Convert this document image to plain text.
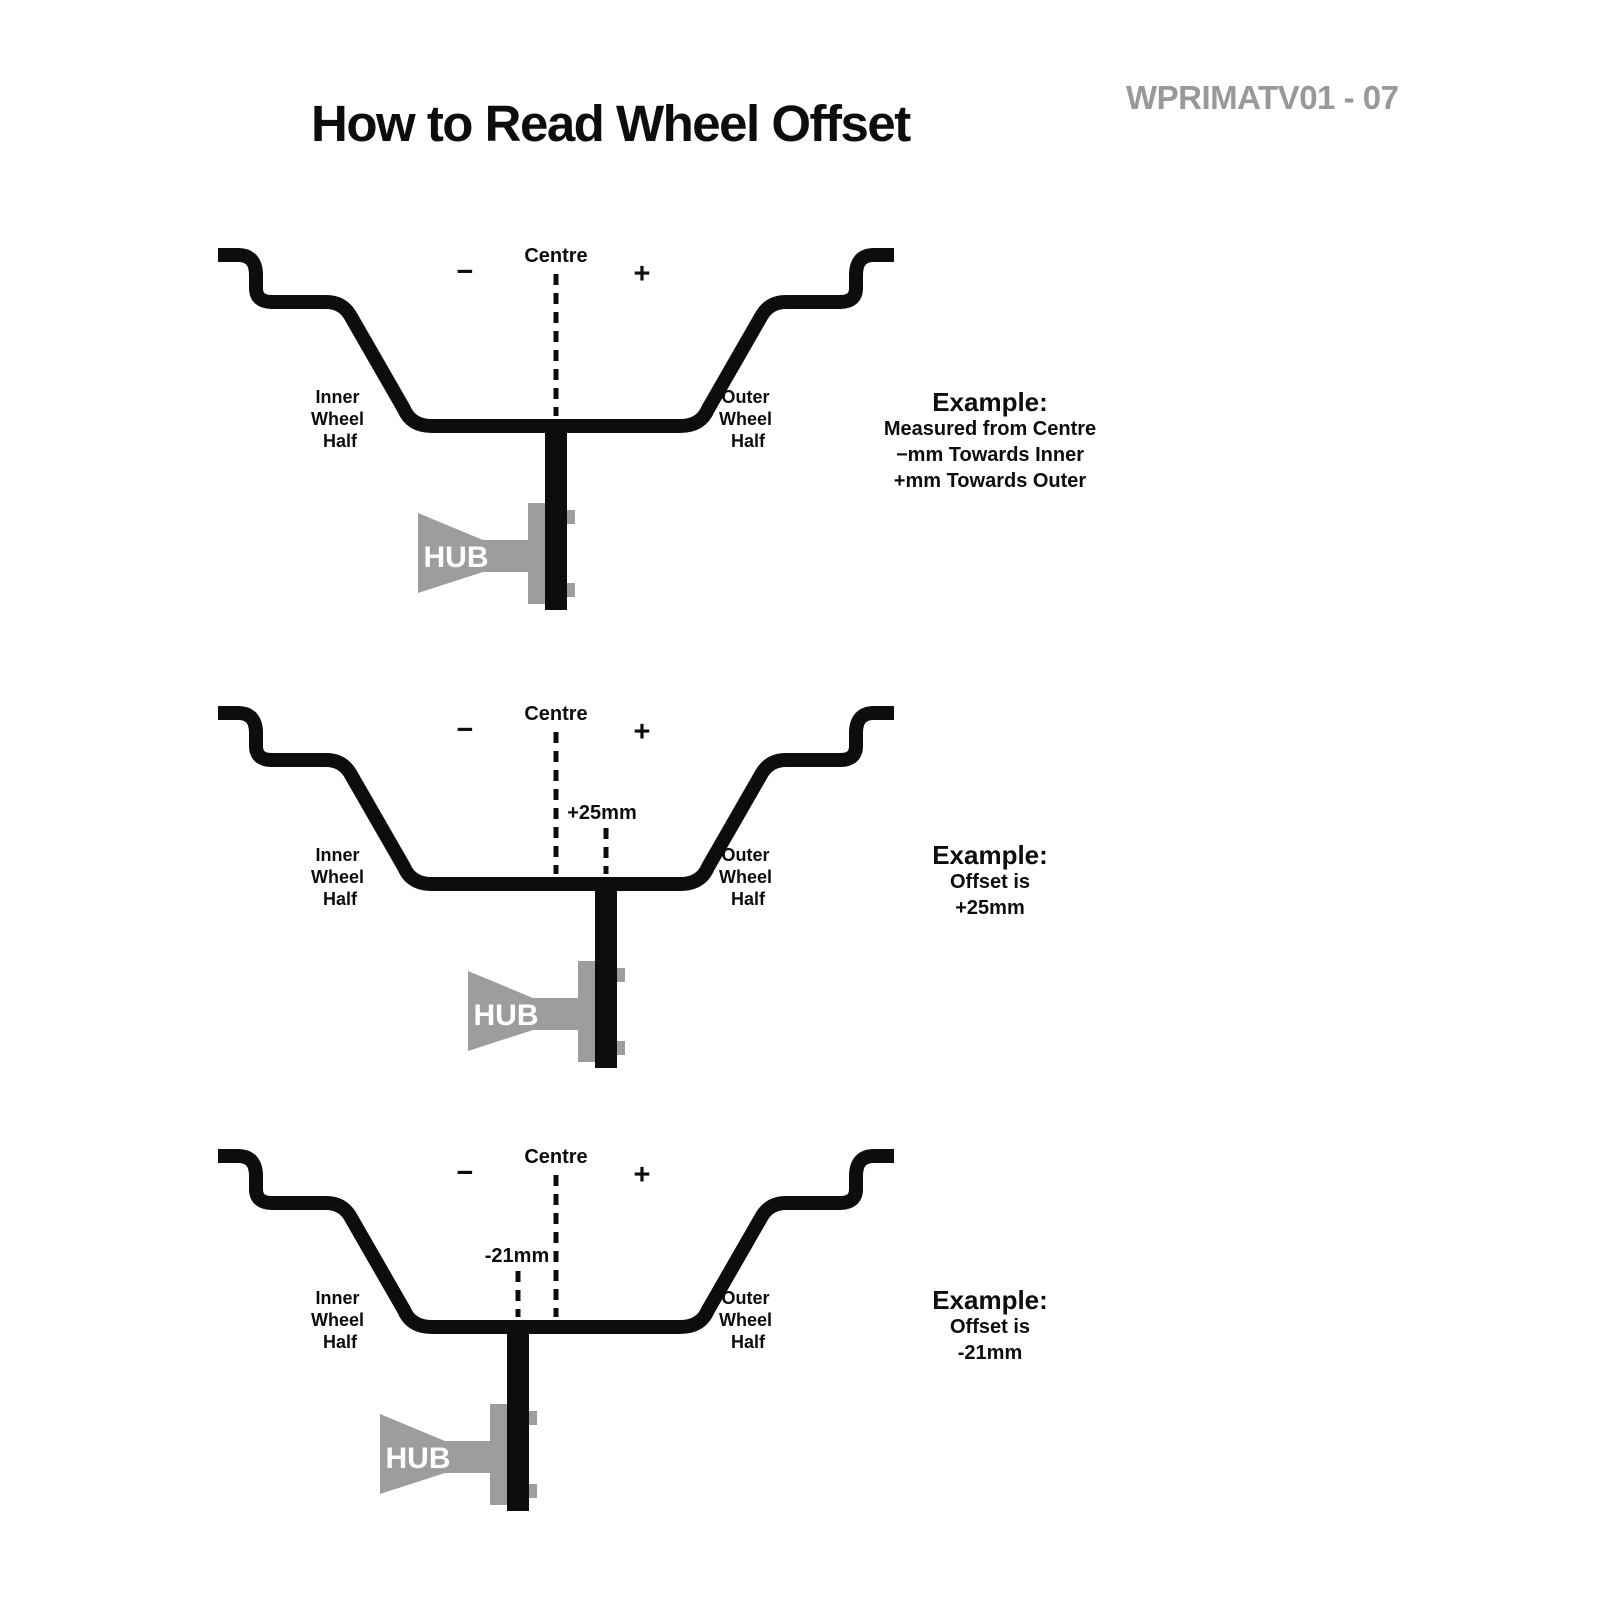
How to Read Wheel Offset	WPRIMATV01 - 07
Centre
−	+
HUB
Inner Wheel Half
Outer Wheel Half
Centre
−	+
+25mm
HUB
Inner Wheel Half
Outer Wheel Half
Centre
−	+
-21mm
HUB
Inner Wheel Half
Outer Wheel Half
Example:
Measured from Centre
−mm Towards Inner
+mm Towards Outer
Example:
Offset is
+25mm
Example:
Offset is
-21mm
